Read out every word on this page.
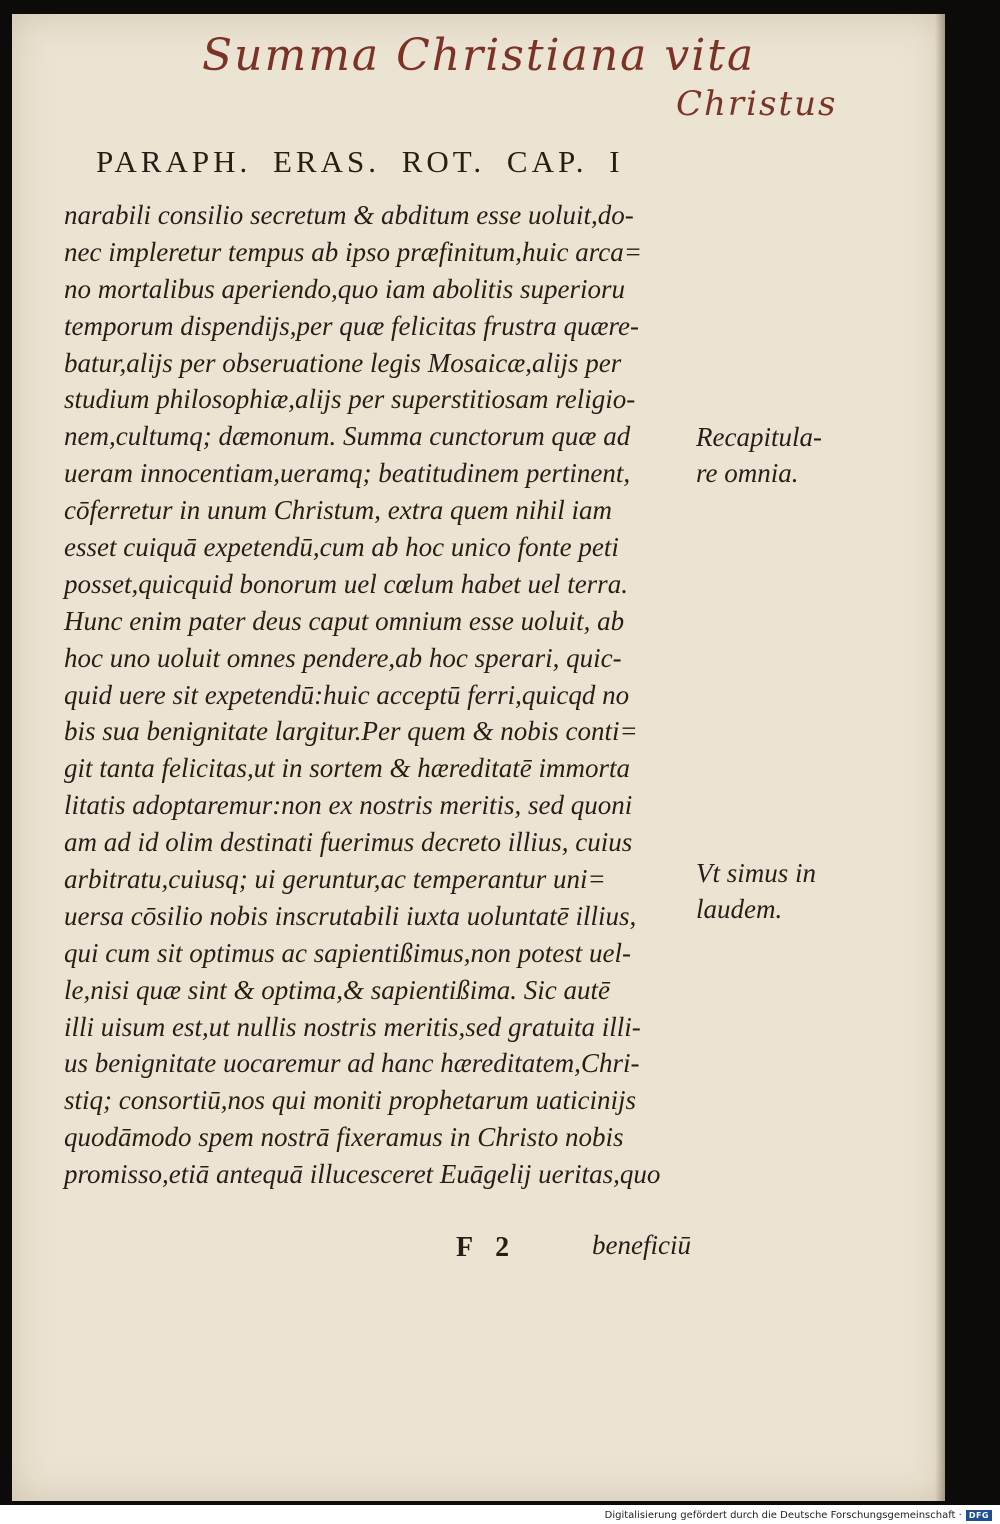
Summa Christiana vita
Christus
PARAPH. ERAS. ROT. CAP. I
narabili consilio secretum & abditum esse uoluit,do-
nec impleretur tempus ab ipso præfinitum,huic arca=
no mortalibus aperiendo,quo iam abolitis superioru
temporum dispendijs,per quæ felicitas frustra quære-
batur,alijs per obseruatione legis Mosaicæ,alijs per
studium philosophiæ,alijs per superstitiosam religio-
nem,cultumq; dæmonum. Summa cunctorum quæ ad
ueram innocentiam,ueramq; beatitudinem pertinent,
cōferretur in unum Christum, extra quem nihil iam
esset cuiquā expetendū,cum ab hoc unico fonte peti
posset,quicquid bonorum uel cœlum habet uel terra.
Hunc enim pater deus caput omnium esse uoluit, ab
hoc uno uoluit omnes pendere,ab hoc sperari, quic-
quid uere sit expetendū:huic acceptū ferri,quicqd no
bis sua benignitate largitur.Per quem & nobis conti=
git tanta felicitas,ut in sortem & hæreditatē immorta
litatis adoptaremur:non ex nostris meritis, sed quoni
am ad id olim destinati fuerimus decreto illius, cuius
arbitratu,cuiusq; ui geruntur,ac temperantur uni=
uersa cōsilio nobis inscrutabili iuxta uoluntatē illius,
qui cum sit optimus ac sapientißimus,non potest uel-
le,nisi quæ sint & optima,& sapientißima. Sic autē
illi uisum est,ut nullis nostris meritis,sed gratuita illi-
us benignitate uocaremur ad hanc hæreditatem,Chri-
stiq; consortiū,nos qui moniti prophetarum uaticinijs
quodāmodo spem nostrā fixeramus in Christo nobis
promisso,etiā antequā illucesceret Euāgelij ueritas,quo
Recapitula-
re omnia.
Vt simus in
laudem.
F 2	beneficiū
Digitalisierung gefördert durch die Deutsche Forschungsgemeinschaft · DFG
